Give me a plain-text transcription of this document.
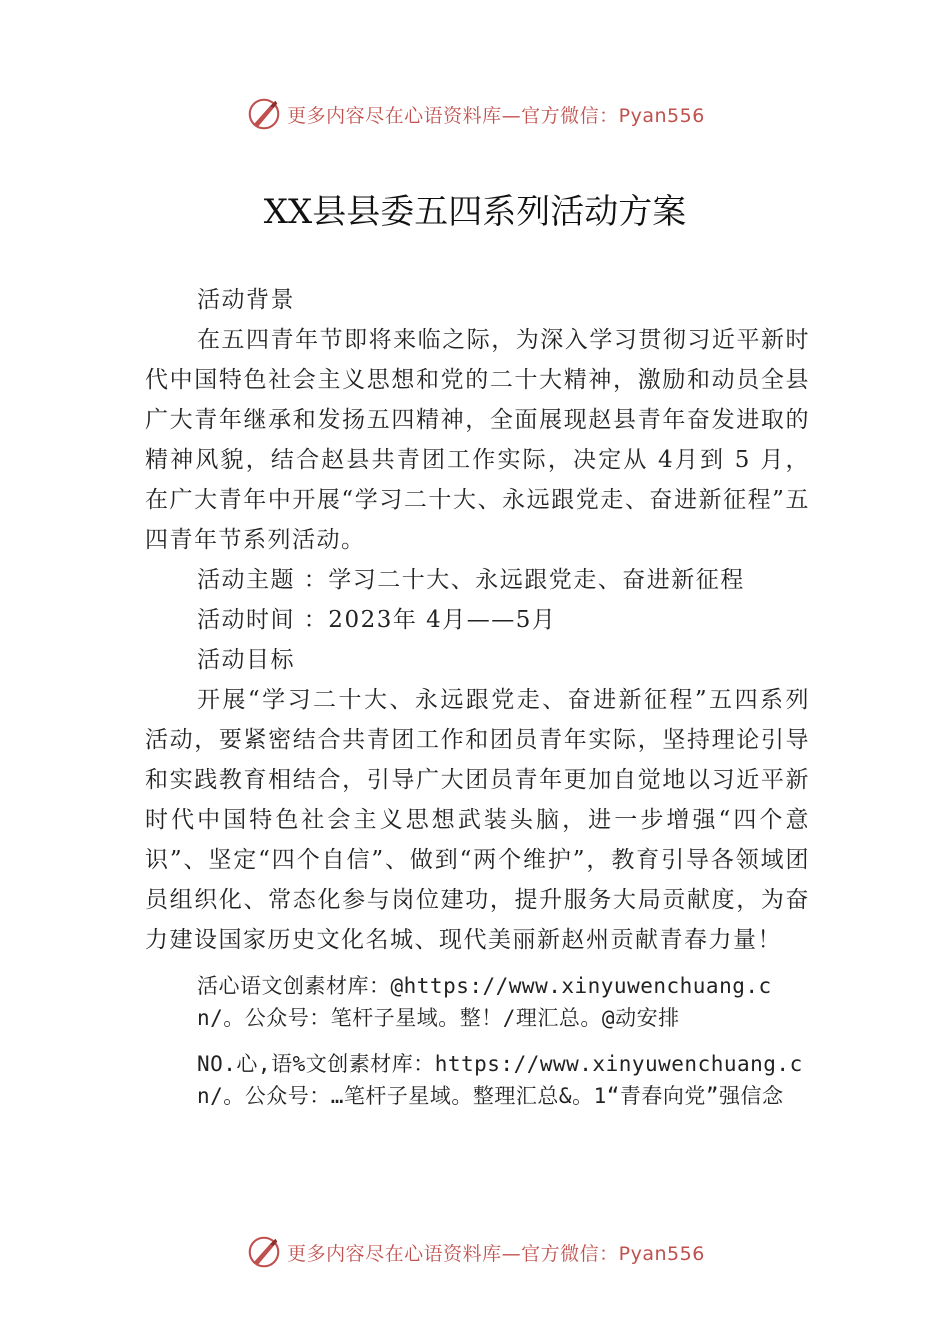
更多内容尽在心语资料库—官方微信：Pyan556
XX县县委五四系列活动方案

活动背景

在五四青年节即将来临之际，为深入学习贯彻习近平新时代中国特色社会主义思想和党的二十大精神，激励和动员全县广大青年继承和发扬五四精神，全面展现赵县青年奋发进取的精神风貌，结合赵县共青团工作实际，决定从 4月到 5 月，在广大青年中开展“学习二十大、永远跟党走、奋进新征程”五四青年节系列活动。

活动主题 ：学习二十大、永远跟党走、奋进新征程

活动时间 ：2023年 4月——5月

活动目标

开展“学习二十大、永远跟党走、奋进新征程”五四系列活动，要紧密结合共青团工作和团员青年实际，坚持理论引导和实践教育相结合，引导广大团员青年更加自觉地以习近平新时代中国特色社会主义思想武装头脑，进一步增强“四个意识”、坚定“四个自信”、做到“两个维护”，教育引导各领域团员组织化、常态化参与岗位建功，提升服务大局贡献度，为奋力建设国家历史文化名城、现代美丽新赵州贡献青春力量！

活心语文创素材库：@https://www.xinyuwenchuang.cn/。公众号：笔杆子星域。整！/理汇总。@动安排

NO.心,语%文创素材库：https://www.xinyuwenchuang.cn/。公众号：…笔杆子星域。整理汇总&。1“青春向党”强信念

更多内容尽在心语资料库—官方微信：Pyan556
